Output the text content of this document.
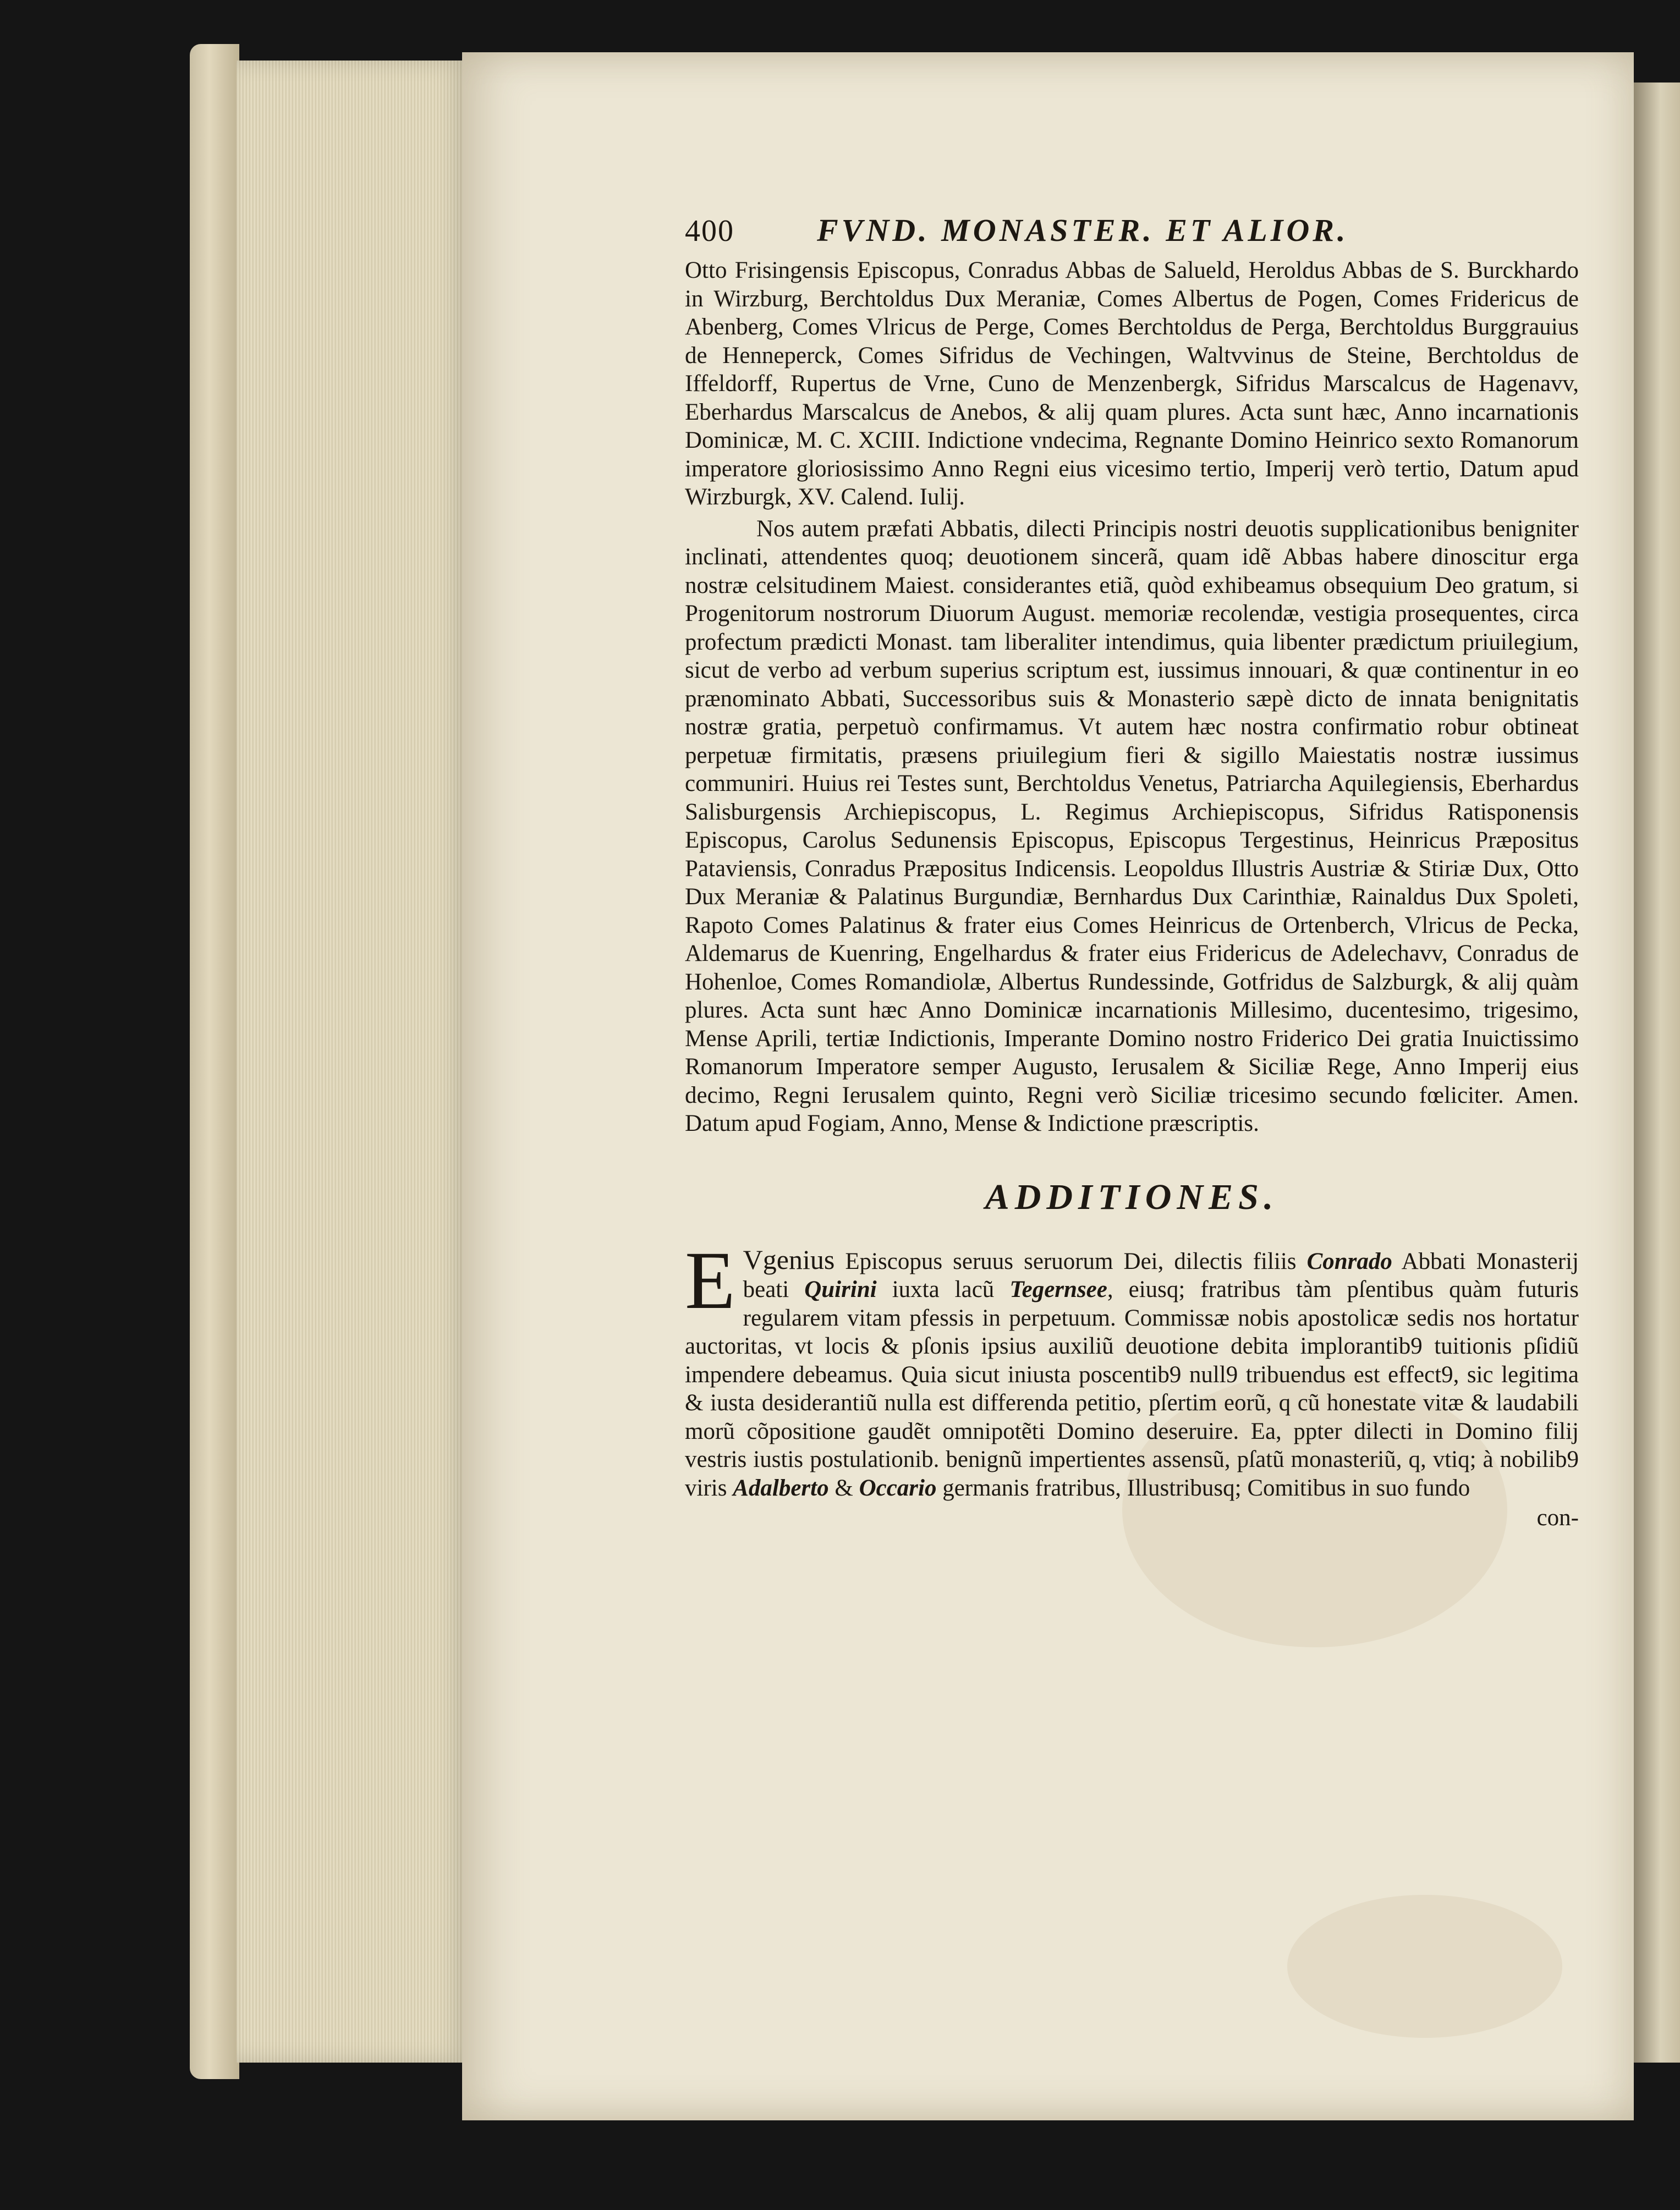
400	FVND. MONASTER. ET ALIOR.

Otto Frisingensis Episcopus, Conradus Abbas de Salueld, Heroldus Abbas de S. Burckhardo in Wirzburg, Berchtoldus Dux Meraniæ, Comes Albertus de Pogen, Comes Fridericus de Abenberg, Comes Vlricus de Perge, Comes Berchtoldus de Perga, Berchtoldus Burggrauius de Henneperck, Comes Sifridus de Vechingen, Waltvvinus de Steine, Berchtoldus de Iffeldorff, Rupertus de Vrne, Cuno de Menzenbergk, Sifridus Marscalcus de Hagenavv, Eberhardus Marscalcus de Anebos, & alij quam plures. Acta sunt hæc, Anno incarnationis Dominicæ, M. C. XCIII. Indictione vndecima, Regnante Domino Heinrico sexto Romanorum imperatore gloriosissimo Anno Regni eius vicesimo tertio, Imperij verò tertio, Datum apud Wirzburgk, XV. Calend. Iulij.

Nos autem præfati Abbatis, dilecti Principis nostri deuotis supplicationibus benigniter inclinati, attendentes quoq; deuotionem sincerã, quam idẽ Abbas habere dinoscitur erga nostræ celsitudinem Maiest. considerantes etiã, quòd exhibeamus obsequium Deo gratum, si Progenitorum nostrorum Diuorum August. memoriæ recolendæ, vestigia prosequentes, circa profectum prædicti Monast. tam liberaliter intendimus, quia libenter prædictum priuilegium, sicut de verbo ad verbum superius scriptum est, iussimus innouari, & quæ continentur in eo prænominato Abbati, Successoribus suis & Monasterio sæpè dicto de innata benignitatis nostræ gratia, perpetuò confirmamus. Vt autem hæc nostra confirmatio robur obtineat perpetuæ firmitatis, præsens priuilegium fieri & sigillo Maiestatis nostræ iussimus communiri. Huius rei Testes sunt, Berchtoldus Venetus, Patriarcha Aquilegiensis, Eberhardus Salisburgensis Archiepiscopus, L. Regimus Archiepiscopus, Sifridus Ratisponensis Episcopus, Carolus Sedunensis Episcopus, Episcopus Tergestinus, Heinricus Præpositus Pataviensis, Conradus Præpositus Indicensis. Leopoldus Illustris Austriæ & Stiriæ Dux, Otto Dux Meraniæ & Palatinus Burgundiæ, Bernhardus Dux Carinthiæ, Rainaldus Dux Spoleti, Rapoto Comes Palatinus & frater eius Comes Heinricus de Ortenberch, Vlricus de Pecka, Aldemarus de Kuenring, Engelhardus & frater eius Fridericus de Adelechavv, Conradus de Hohenloe, Comes Romandiolæ, Albertus Rundessinde, Gotfridus de Salzburgk, & alij quàm plures. Acta sunt hæc Anno Dominicæ incarnationis Millesimo, ducentesimo, trigesimo, Mense Aprili, tertiæ Indictionis, Imperante Domino nostro Friderico Dei gratia Inuictissimo Romanorum Imperatore semper Augusto, Ierusalem & Siciliæ Rege, Anno Imperij eius decimo, Regni Ierusalem quinto, Regni verò Siciliæ tricesimo secundo fœliciter. Amen. Datum apud Fogiam, Anno, Mense & Indictione præscriptis.

ADDITIONES.

E Vgenius Episcopus seruus seruorum Dei, dilectis filiis Conrado Abbati Monasterij beati Quirini iuxta lacũ Tegernsee, eiusq; fratribus tàm pſentibus quàm futuris regularem vitam pfessis in perpetuum. Commissæ nobis apostolicæ sedis nos hortatur auctoritas, vt locis & pſonis ipsius auxiliũ deuotione debita implorantib9 tuitionis pſidiũ impendere debeamus. Quia sicut iniusta poscentib9 null9 tribuendus est effect9, sic legitima & iusta desiderantiũ nulla est differenda petitio, pſertim eorũ, q cũ honestate vitæ & laudabili morũ cõpositione gaudẽt omnipotẽti Domino deseruire. Ea, ppter dilecti in Domino filij vestris iustis postulationib. benignũ impertientes assensũ, pſatũ monasteriũ, q, vtiq; à nobilib9 viris Adalberto & Occario germanis fratribus, Illustribusq; Comitibus in suo fundo

con-
